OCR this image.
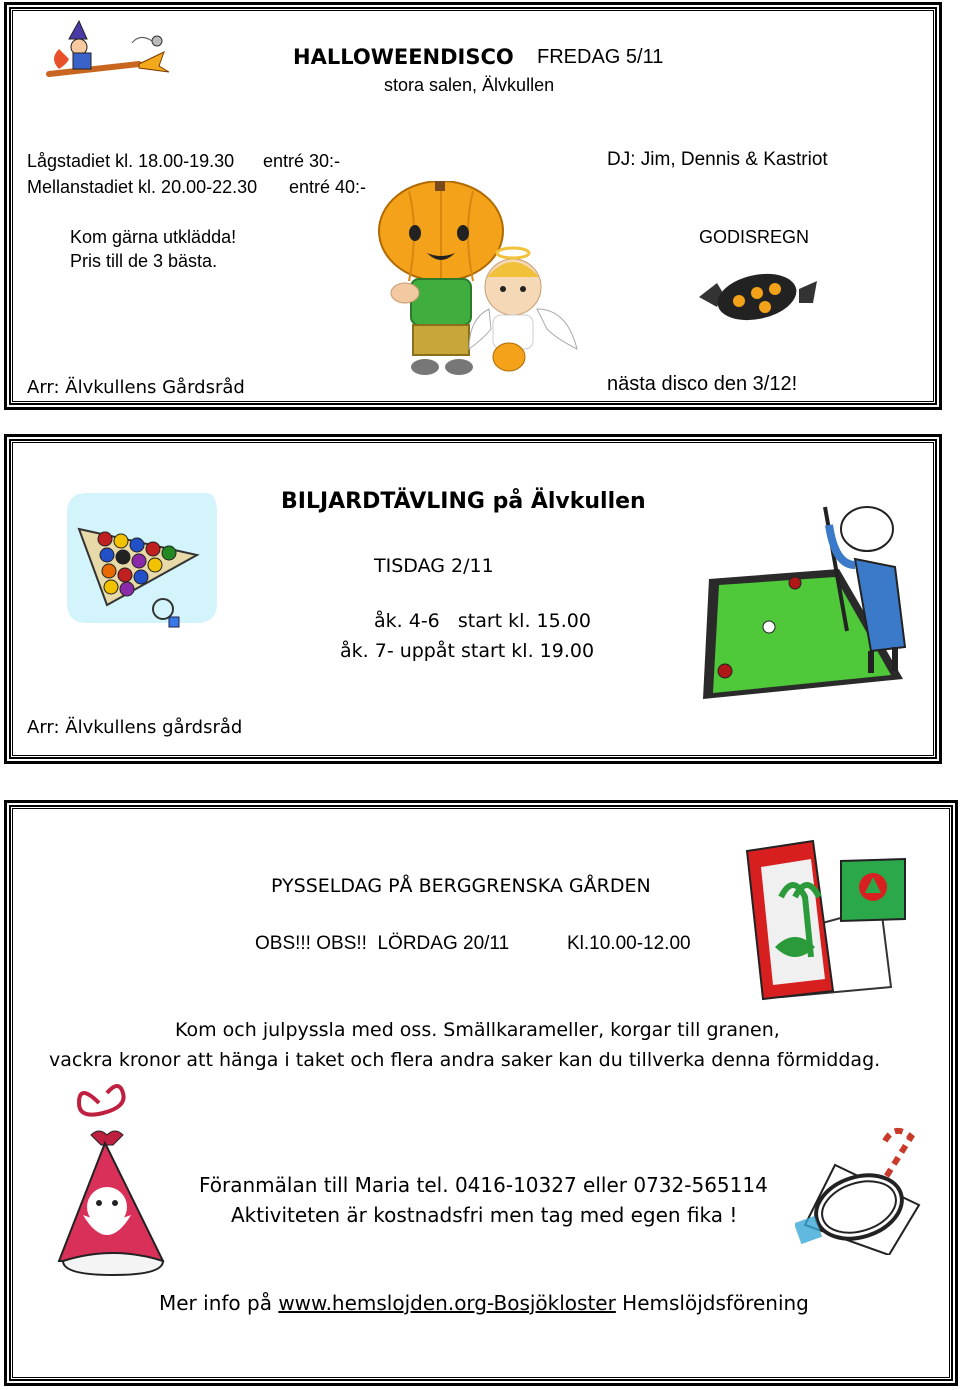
HALLOWEENDISCO FREDAG 5/11
stora salen, Älvkullen
Lågstadiet kl. 18.00-19.30 entré 30:-
Mellanstadiet kl. 20.00-22.30 entré 40:-
DJ: Jim, Dennis & Kastriot
Kom gärna utklädda!
Pris till de 3 bästa.
GODISREGN
Arr: Älvkullens Gårdsråd	nästa disco den 3/12!
BILJARDTÄVLING på Älvkullen
TISDAG 2/11
åk. 4-6   start kl. 15.00
åk. 7- uppåt start kl. 19.00
Arr: Älvkullens gårdsråd
PYSSELDAG PÅ BERGGRENSKA GÅRDEN
OBS!!! OBS!!  LÖRDAG 20/11	Kl.10.00-12.00
Kom och julpyssla med oss. Smällkarameller, korgar till granen,
vackra kronor att hänga i taket och flera andra saker kan du tillverka denna förmiddag.
Föranmälan till Maria tel. 0416-10327 eller 0732-565114
Aktiviteten är kostnadsfri men tag med egen fika !
Mer info på www.hemslojden.org-Bosjökloster Hemslöjdsförening
